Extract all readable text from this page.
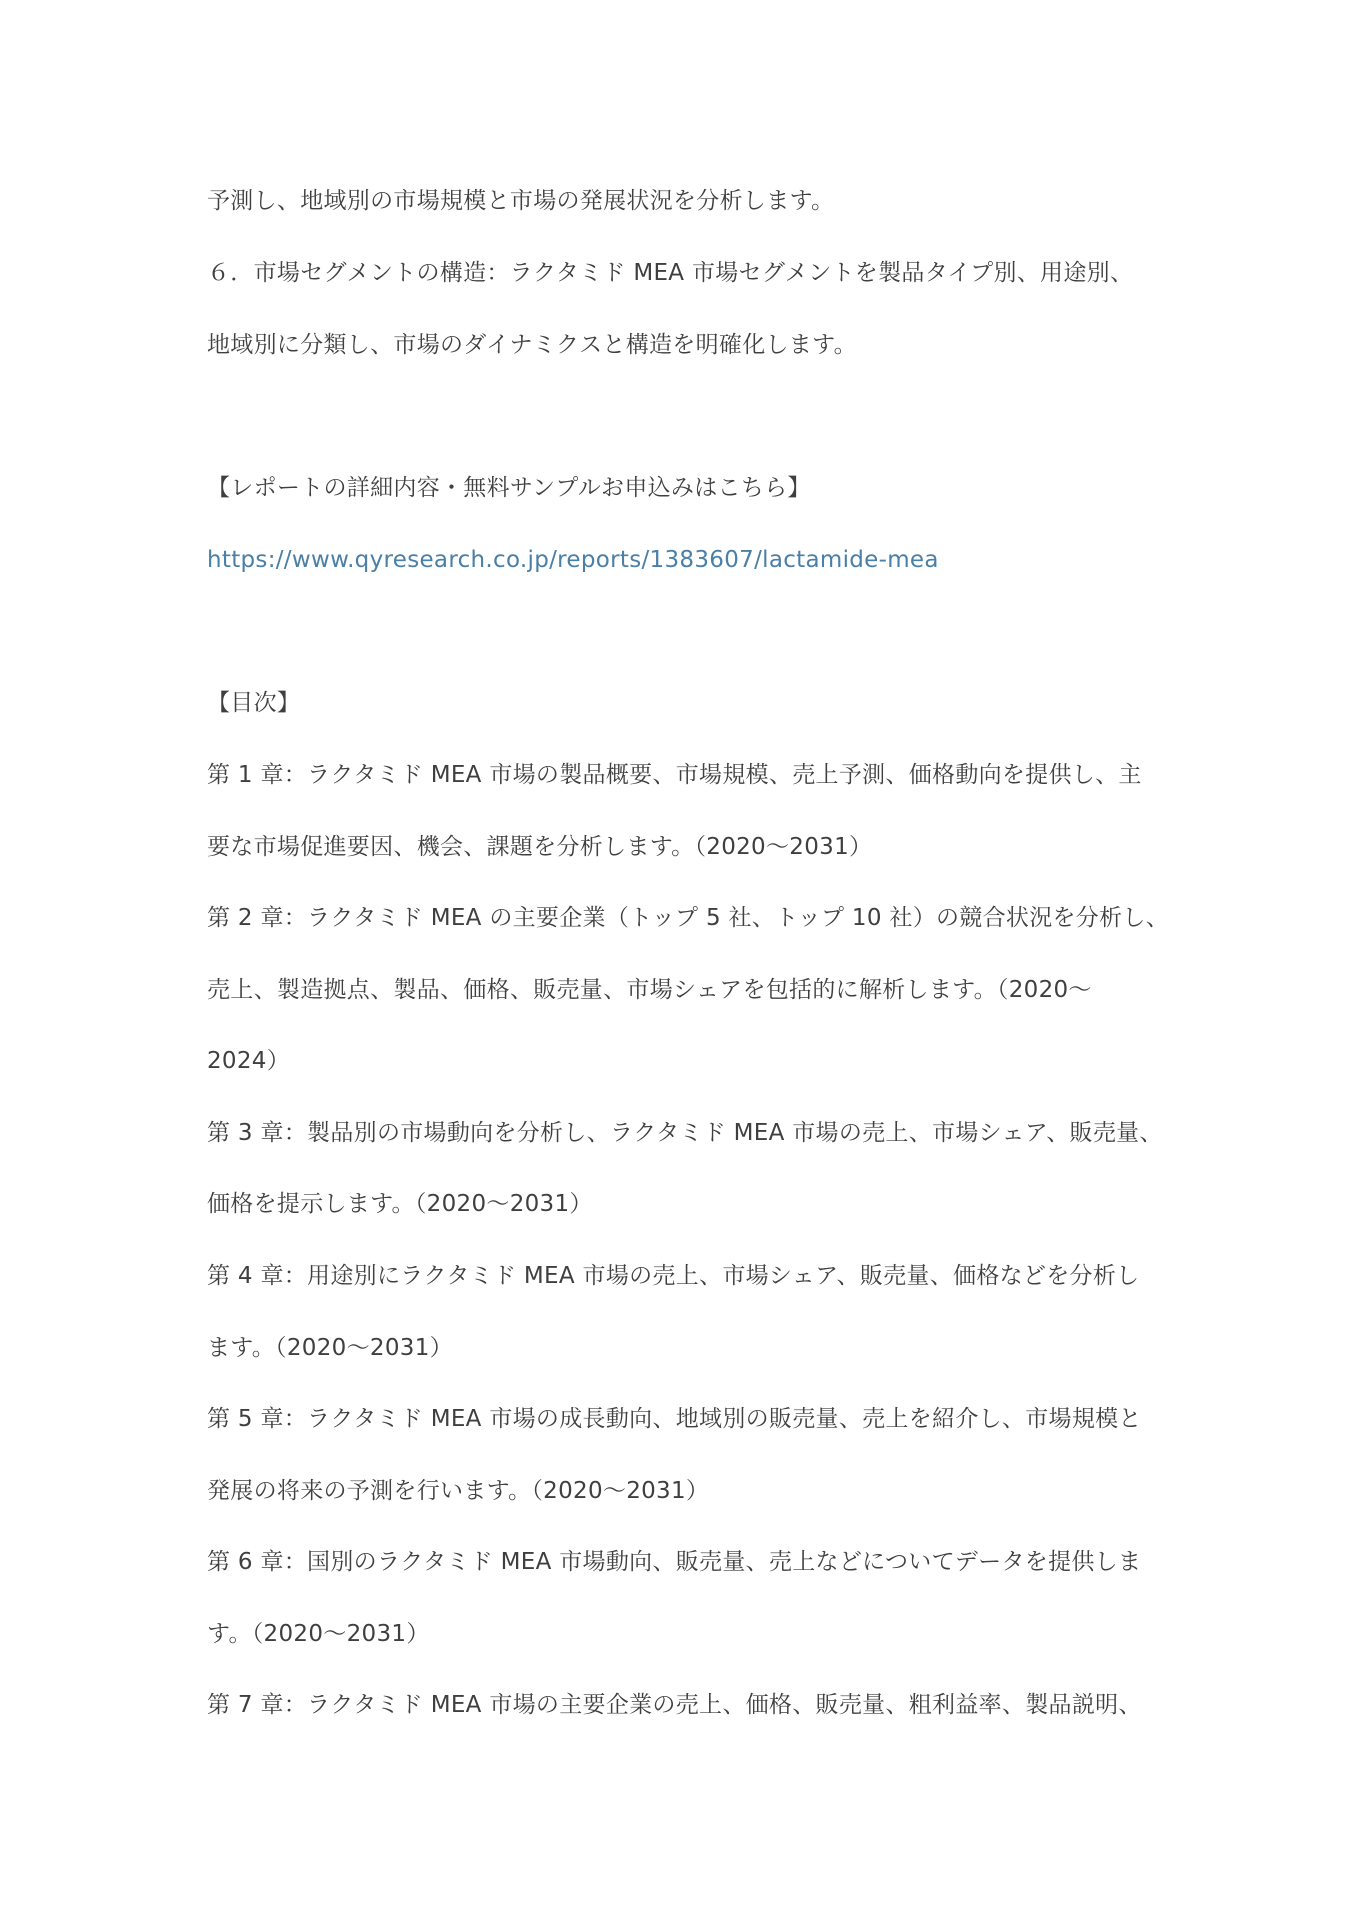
予測し、地域別の市場規模と市場の発展状況を分析します。
６．市場セグメントの構造：ラクタミド MEA 市場セグメントを製品タイプ別、用途別、
地域別に分類し、市場のダイナミクスと構造を明確化します。
【レポートの詳細内容・無料サンプルお申込みはこちら】
https://www.qyresearch.co.jp/reports/1383607/lactamide-mea
【目次】
第 1 章：ラクタミド MEA 市場の製品概要、市場規模、売上予測、価格動向を提供し、主
要な市場促進要因、機会、課題を分析します。（2020～2031）
第 2 章：ラクタミド MEA の主要企業（トップ 5 社、トップ 10 社）の競合状況を分析し、
売上、製造拠点、製品、価格、販売量、市場シェアを包括的に解析します。（2020～
2024）
第 3 章：製品別の市場動向を分析し、ラクタミド MEA 市場の売上、市場シェア、販売量、
価格を提示します。（2020～2031）
第 4 章：用途別にラクタミド MEA 市場の売上、市場シェア、販売量、価格などを分析し
ます。（2020～2031）
第 5 章：ラクタミド MEA 市場の成長動向、地域別の販売量、売上を紹介し、市場規模と
発展の将来の予測を行います。（2020～2031）
第 6 章：国別のラクタミド MEA 市場動向、販売量、売上などについてデータを提供しま
す。（2020～2031）
第 7 章：ラクタミド MEA 市場の主要企業の売上、価格、販売量、粗利益率、製品説明、
